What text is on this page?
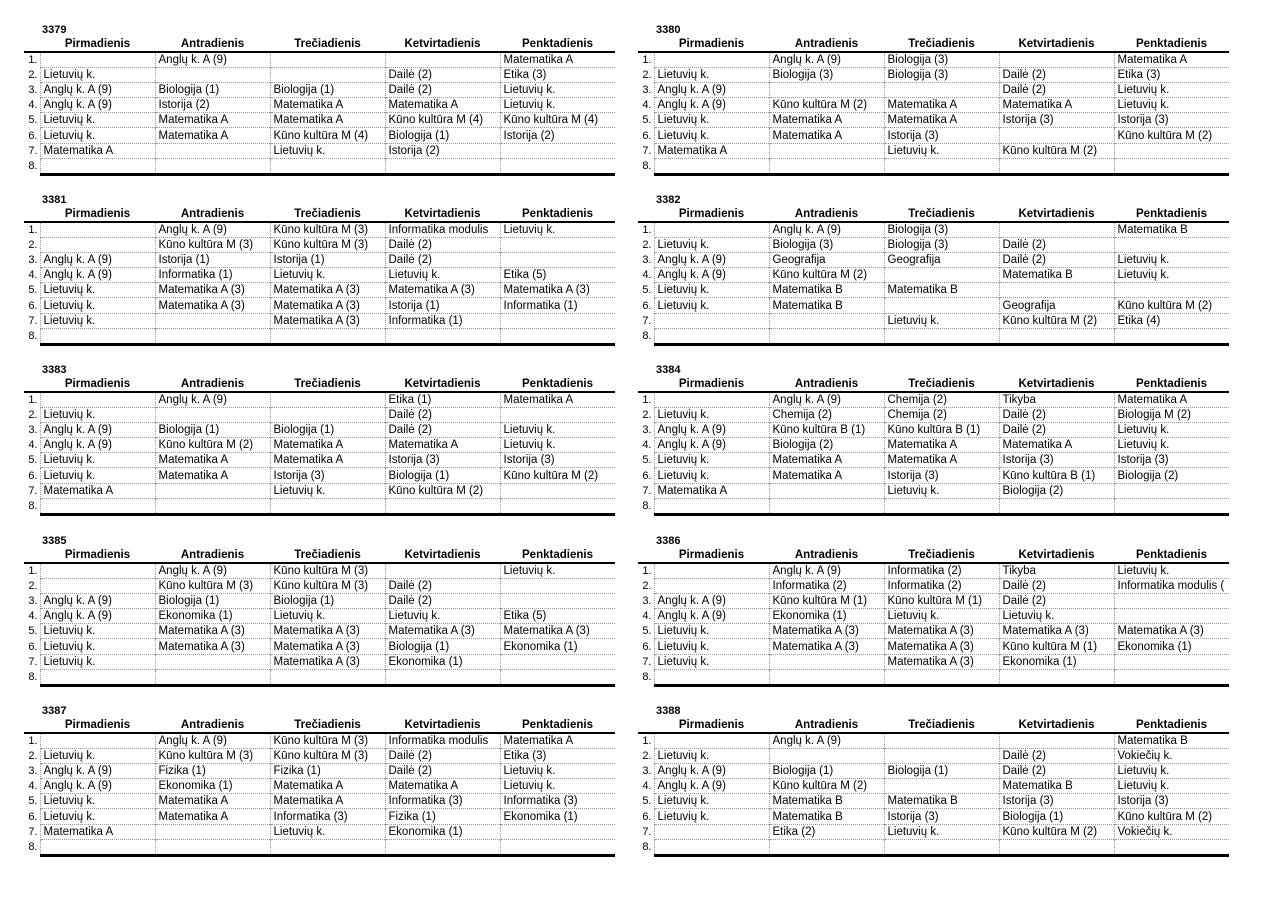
3379
	Pirmadienis	Antradienis	Trečiadienis	Ketvirtadienis	Penktadienis
1.		Anglų k. A (9)			Matematika A
2.	Lietuvių k.			Dailė (2)	Etika (3)
3.	Anglų k. A (9)	Biologija (1)	Biologija (1)	Dailė (2)	Lietuvių k.
4.	Anglų k. A (9)	Istorija (2)	Matematika A	Matematika A	Lietuvių k.
5.	Lietuvių k.	Matematika A	Matematika A	Kūno kultūra M (4)	Kūno kultūra M (4)
6.	Lietuvių k.	Matematika A	Kūno kultūra M (4)	Biologija (1)	Istorija (2)
7.	Matematika A		Lietuvių k.	Istorija (2)	
8.					
3380
	Pirmadienis	Antradienis	Trečiadienis	Ketvirtadienis	Penktadienis
1.		Anglų k. A (9)	Biologija (3)		Matematika A
2.	Lietuvių k.	Biologija (3)	Biologija (3)	Dailė (2)	Etika (3)
3.	Anglų k. A (9)			Dailė (2)	Lietuvių k.
4.	Anglų k. A (9)	Kūno kultūra M (2)	Matematika A	Matematika A	Lietuvių k.
5.	Lietuvių k.	Matematika A	Matematika A	Istorija (3)	Istorija (3)
6.	Lietuvių k.	Matematika A	Istorija (3)		Kūno kultūra M (2)
7.	Matematika A		Lietuvių k.	Kūno kultūra M (2)	
8.					
3381
	Pirmadienis	Antradienis	Trečiadienis	Ketvirtadienis	Penktadienis
1.		Anglų k. A (9)	Kūno kultūra M (3)	Informatika modulis	Lietuvių k.
2.		Kūno kultūra M (3)	Kūno kultūra M (3)	Dailė (2)	
3.	Anglų k. A (9)	Istorija (1)	Istorija (1)	Dailė (2)	
4.	Anglų k. A (9)	Informatika (1)	Lietuvių k.	Lietuvių k.	Etika (5)
5.	Lietuvių k.	Matematika A (3)	Matematika A (3)	Matematika A (3)	Matematika A (3)
6.	Lietuvių k.	Matematika A (3)	Matematika A (3)	Istorija (1)	Informatika (1)
7.	Lietuvių k.		Matematika A (3)	Informatika (1)	
8.					
3382
	Pirmadienis	Antradienis	Trečiadienis	Ketvirtadienis	Penktadienis
1.		Anglų k. A (9)	Biologija (3)		Matematika B
2.	Lietuvių k.	Biologija (3)	Biologija (3)	Dailė (2)	
3.	Anglų k. A (9)	Geografija	Geografija	Dailė (2)	Lietuvių k.
4.	Anglų k. A (9)	Kūno kultūra M (2)		Matematika B	Lietuvių k.
5.	Lietuvių k.	Matematika B	Matematika B		
6.	Lietuvių k.	Matematika B		Geografija	Kūno kultūra M (2)
7.			Lietuvių k.	Kūno kultūra M (2)	Etika (4)
8.					
3383
	Pirmadienis	Antradienis	Trečiadienis	Ketvirtadienis	Penktadienis
1.		Anglų k. A (9)		Etika (1)	Matematika A
2.	Lietuvių k.			Dailė (2)	
3.	Anglų k. A (9)	Biologija (1)	Biologija (1)	Dailė (2)	Lietuvių k.
4.	Anglų k. A (9)	Kūno kultūra M (2)	Matematika A	Matematika A	Lietuvių k.
5.	Lietuvių k.	Matematika A	Matematika A	Istorija (3)	Istorija (3)
6.	Lietuvių k.	Matematika A	Istorija (3)	Biologija (1)	Kūno kultūra M (2)
7.	Matematika A		Lietuvių k.	Kūno kultūra M (2)	
8.					
3384
	Pirmadienis	Antradienis	Trečiadienis	Ketvirtadienis	Penktadienis
1.		Anglų k. A (9)	Chemija (2)	Tikyba	Matematika A
2.	Lietuvių k.	Chemija (2)	Chemija (2)	Dailė (2)	Biologija M (2)
3.	Anglų k. A (9)	Kūno kultūra B (1)	Kūno kultūra B (1)	Dailė (2)	Lietuvių k.
4.	Anglų k. A (9)	Biologija (2)	Matematika A	Matematika A	Lietuvių k.
5.	Lietuvių k.	Matematika A	Matematika A	Istorija (3)	Istorija (3)
6.	Lietuvių k.	Matematika A	Istorija (3)	Kūno kultūra B (1)	Biologija (2)
7.	Matematika A		Lietuvių k.	Biologija (2)	
8.					
3385
	Pirmadienis	Antradienis	Trečiadienis	Ketvirtadienis	Penktadienis
1.		Anglų k. A (9)	Kūno kultūra M (3)		Lietuvių k.
2.		Kūno kultūra M (3)	Kūno kultūra M (3)	Dailė (2)	
3.	Anglų k. A (9)	Biologija (1)	Biologija (1)	Dailė (2)	
4.	Anglų k. A (9)	Ekonomika (1)	Lietuvių k.	Lietuvių k.	Etika (5)
5.	Lietuvių k.	Matematika A (3)	Matematika A (3)	Matematika A (3)	Matematika A (3)
6.	Lietuvių k.	Matematika A (3)	Matematika A (3)	Biologija (1)	Ekonomika (1)
7.	Lietuvių k.		Matematika A (3)	Ekonomika (1)	
8.					
3386
	Pirmadienis	Antradienis	Trečiadienis	Ketvirtadienis	Penktadienis
1.		Anglų k. A (9)	Informatika (2)	Tikyba	Lietuvių k.
2.		Informatika (2)	Informatika (2)	Dailė (2)	Informatika modulis (
3.	Anglų k. A (9)	Kūno kultūra M (1)	Kūno kultūra M (1)	Dailė (2)	
4.	Anglų k. A (9)	Ekonomika (1)	Lietuvių k.	Lietuvių k.	
5.	Lietuvių k.	Matematika A (3)	Matematika A (3)	Matematika A (3)	Matematika A (3)
6.	Lietuvių k.	Matematika A (3)	Matematika A (3)	Kūno kultūra M (1)	Ekonomika (1)
7.	Lietuvių k.		Matematika A (3)	Ekonomika (1)	
8.					
3387
	Pirmadienis	Antradienis	Trečiadienis	Ketvirtadienis	Penktadienis
1.		Anglų k. A (9)	Kūno kultūra M (3)	Informatika modulis	Matematika A
2.	Lietuvių k.	Kūno kultūra M (3)	Kūno kultūra M (3)	Dailė (2)	Etika (3)
3.	Anglų k. A (9)	Fizika (1)	Fizika (1)	Dailė (2)	Lietuvių k.
4.	Anglų k. A (9)	Ekonomika (1)	Matematika A	Matematika A	Lietuvių k.
5.	Lietuvių k.	Matematika A	Matematika A	Informatika (3)	Informatika (3)
6.	Lietuvių k.	Matematika A	Informatika (3)	Fizika (1)	Ekonomika (1)
7.	Matematika A		Lietuvių k.	Ekonomika (1)	
8.					
3388
	Pirmadienis	Antradienis	Trečiadienis	Ketvirtadienis	Penktadienis
1.		Anglų k. A (9)			Matematika B
2.	Lietuvių k.			Dailė (2)	Vokiečių k.
3.	Anglų k. A (9)	Biologija (1)	Biologija (1)	Dailė (2)	Lietuvių k.
4.	Anglų k. A (9)	Kūno kultūra M (2)		Matematika B	Lietuvių k.
5.	Lietuvių k.	Matematika B	Matematika B	Istorija (3)	Istorija (3)
6.	Lietuvių k.	Matematika B	Istorija (3)	Biologija (1)	Kūno kultūra M (2)
7.		Etika (2)	Lietuvių k.	Kūno kultūra M (2)	Vokiečių k.
8.					
